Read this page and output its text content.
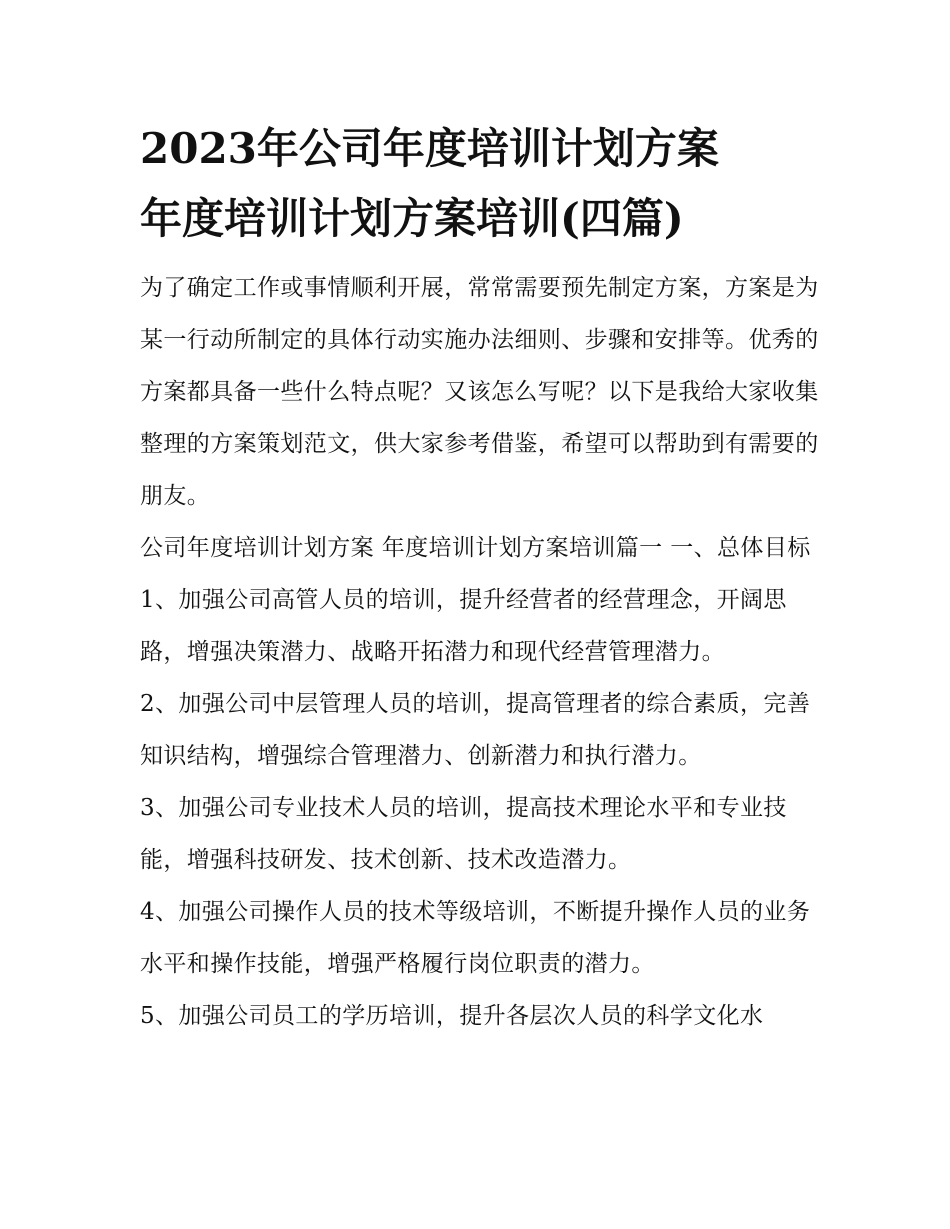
2023年公司年度培训计划方案
年度培训计划方案培训(四篇)

为了确定工作或事情顺利开展，常常需要预先制定方案，方案是为某一行动所制定的具体行动实施办法细则、步骤和安排等。优秀的方案都具备一些什么特点呢？又该怎么写呢？以下是我给大家收集整理的方案策划范文，供大家参考借鉴，希望可以帮助到有需要的朋友。

公司年度培训计划方案 年度培训计划方案培训篇一 一、总体目标

1、加强公司高管人员的培训，提升经营者的经营理念，开阔思路，增强决策潜力、战略开拓潜力和现代经营管理潜力。

2、加强公司中层管理人员的培训，提高管理者的综合素质，完善知识结构，增强综合管理潜力、创新潜力和执行潜力。

3、加强公司专业技术人员的培训，提高技术理论水平和专业技能，增强科技研发、技术创新、技术改造潜力。

4、加强公司操作人员的技术等级培训，不断提升操作人员的业务水平和操作技能，增强严格履行岗位职责的潜力。

5、加强公司员工的学历培训，提升各层次人员的科学文化水
